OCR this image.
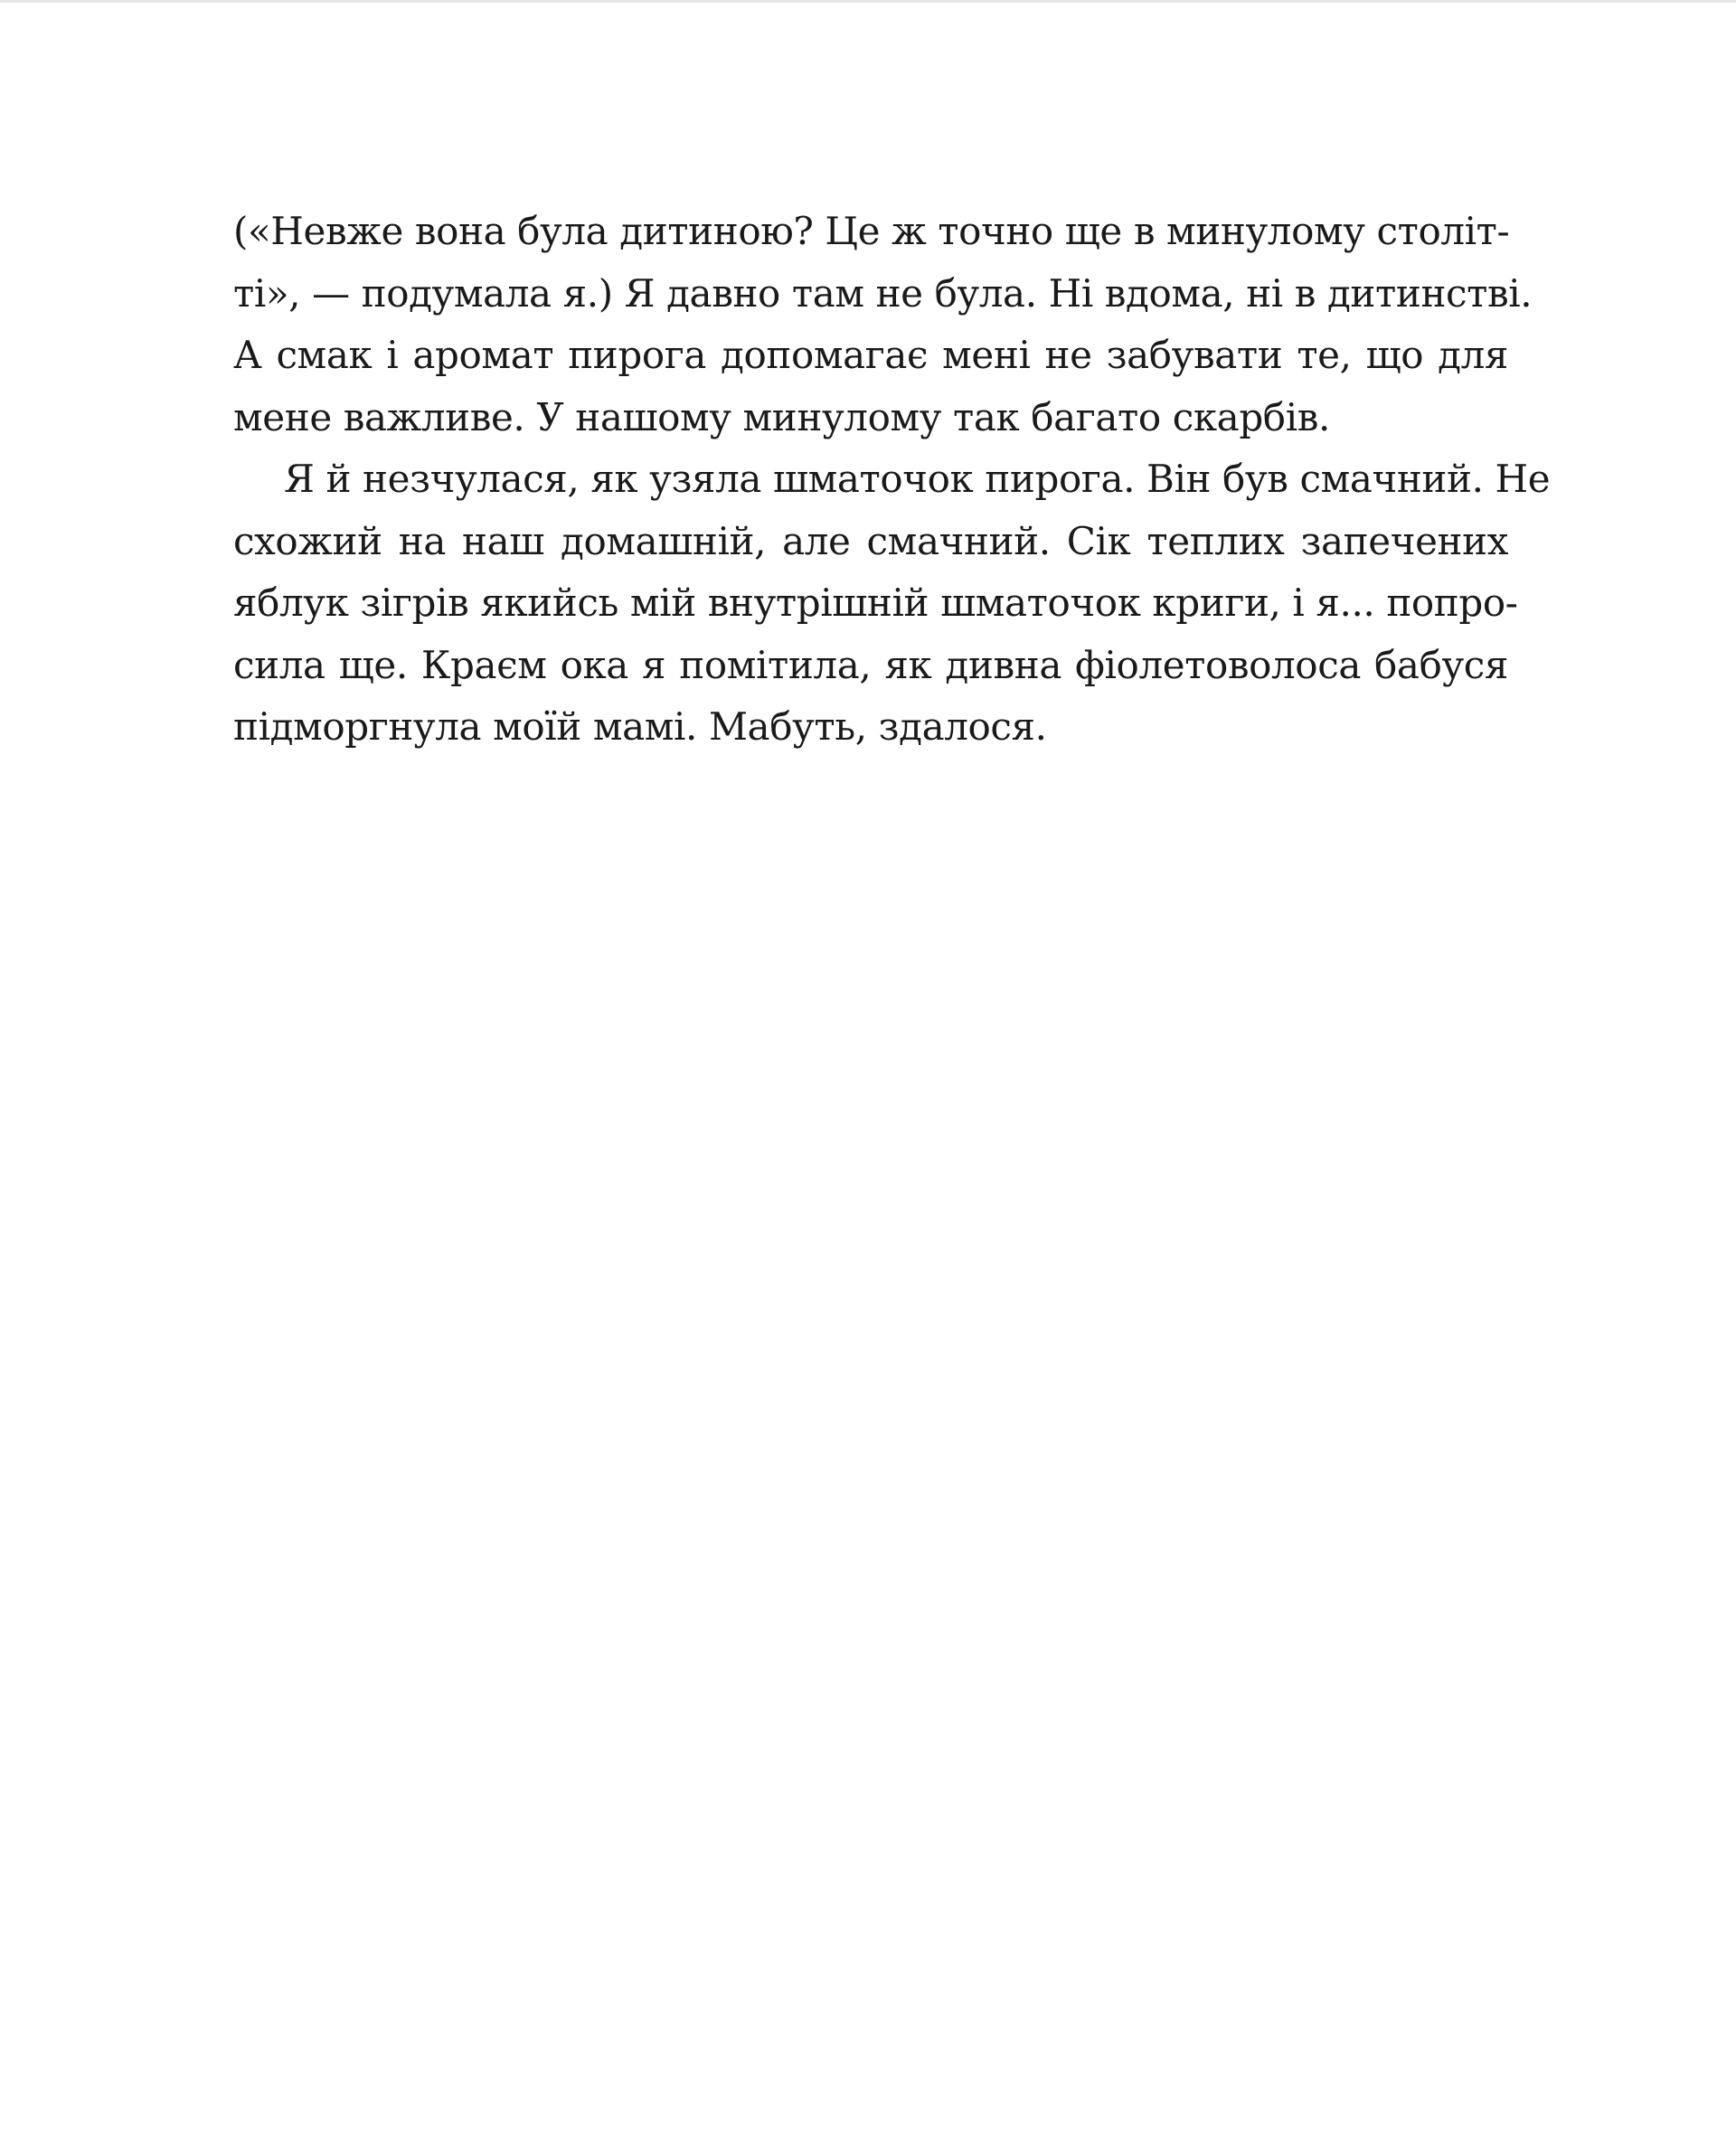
(«Невже вона була дитиною? Це ж точно ще в минулому століт-
ті», — подумала я.) Я давно там не була. Ні вдома, ні в дитинстві.
А смак і аромат пирога допомагає мені не забувати те, що для
мене важливе. У нашому минулому так багато скарбів.
Я й незчулася, як узяла шматочок пирога. Він був смачний. Не
схожий на наш домашній, але смачний. Сік теплих запечених
яблук зігрів якийсь мій внутрішній шматочок криги, і я... попро-
сила ще. Краєм ока я помітила, як дивна фіолетоволоса бабуся
підморгнула моїй мамі. Мабуть, здалося.
